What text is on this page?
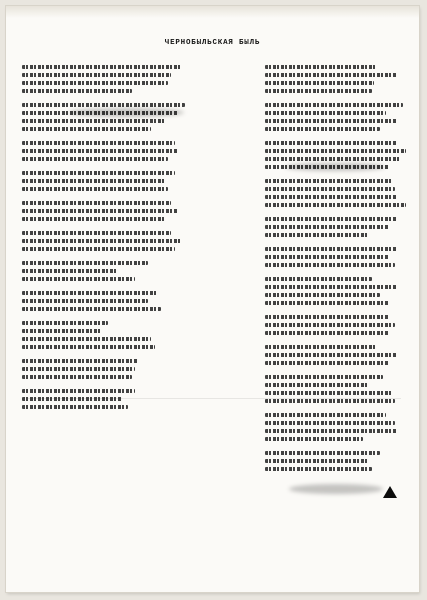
ЧЕРНОБЫЛЬСКАЯ БЫЛЬ
